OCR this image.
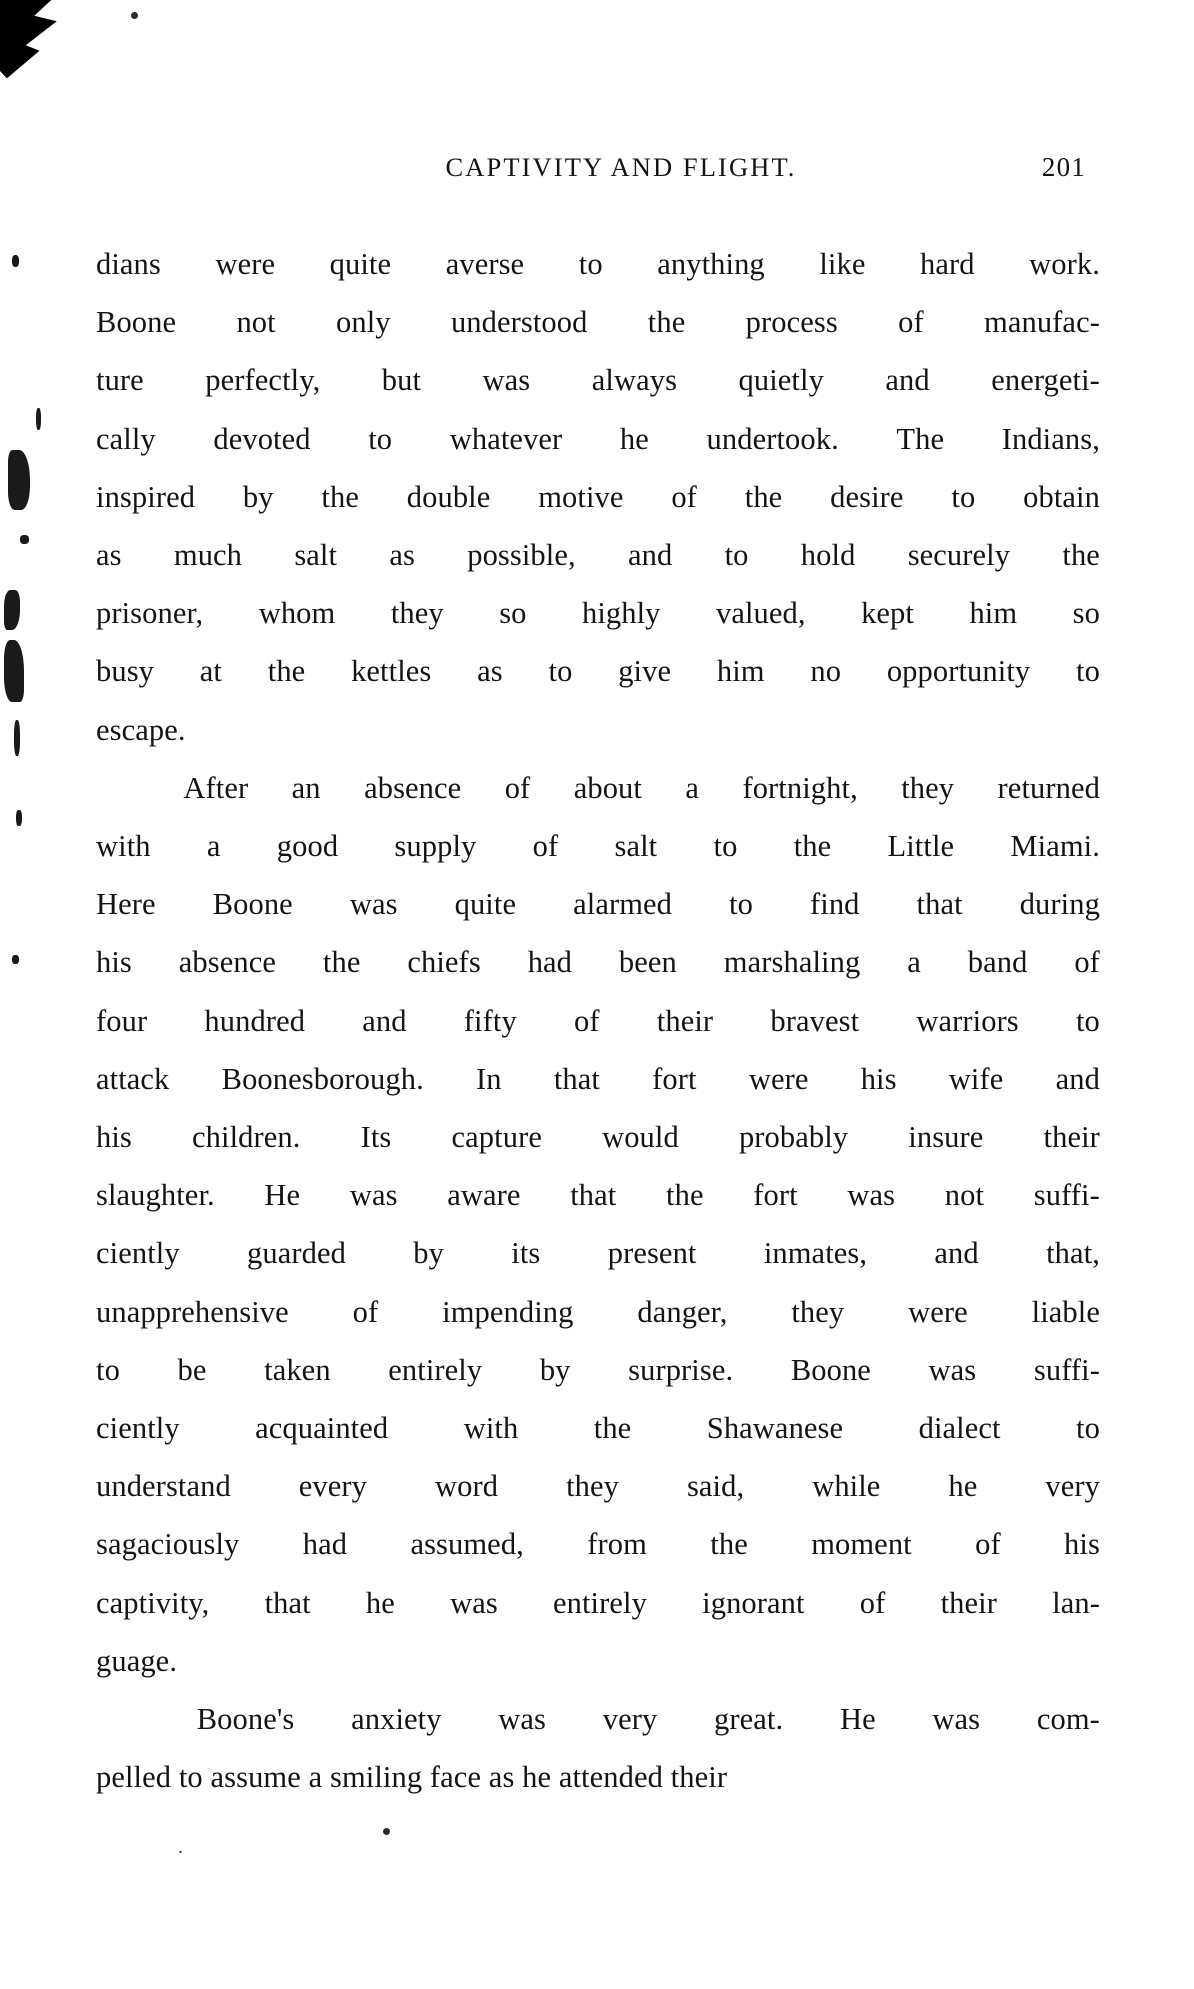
.
CAPTIVITY AND FLIGHT.	201

dians were quite averse to anything like hard work.
Boone not only understood the process of manufac-
ture perfectly, but was always quietly and energeti-
cally devoted to whatever he undertook. The Indians,
inspired by the double motive of the desire to obtain
as much salt as possible, and to hold securely the
prisoner, whom they so highly valued, kept him so
busy at the kettles as to give him no opportunity to
escape.

After an absence of about a fortnight, they returned
with a good supply of salt to the Little Miami.
Here Boone was quite alarmed to find that during
his absence the chiefs had been marshaling a band of
four hundred and fifty of their bravest warriors to
attack Boonesborough. In that fort were his wife and
his children. Its capture would probably insure their
slaughter. He was aware that the fort was not suffi-
ciently guarded by its present inmates, and that,
unapprehensive of impending danger, they were liable
to be taken entirely by surprise. Boone was suffi-
ciently acquainted with the Shawanese dialect to
understand every word they said, while he very
sagaciously had assumed, from the moment of his
captivity, that he was entirely ignorant of their lan-
guage.

Boone's anxiety was very great. He was com-
pelled to assume a smiling face as he attended their
